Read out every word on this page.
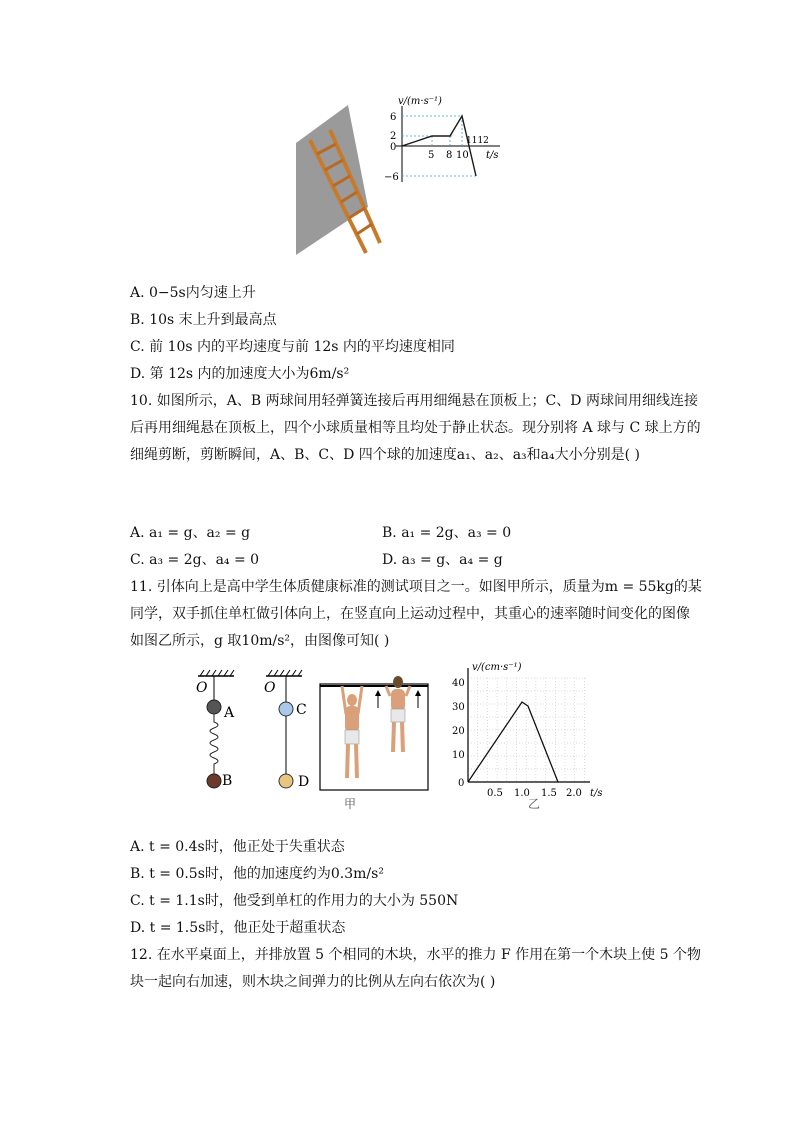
v/(m·s⁻¹)
6
2
0
−6
5 8 10
1112
t/s
A. 0−5s内匀速上升
B. 10s 末上升到最高点
C. 前 10s 内的平均速度与前 12s 内的平均速度相同
D. 第 12s 内的加速度大小为6m/s²
10. 如图所示，A、B 两球间用轻弹簧连接后再用细绳悬在顶板上；C、D 两球间用细线连接
后再用细绳悬在顶板上，四个小球质量相等且均处于静止状态。现分别将 A 球与 C 球上方的
细绳剪断，剪断瞬间，A、B、C、D 四个球的加速度a₁、a₂、a₃和a₄大小分别是( )
A. a₁ = g、a₂ = g	B. a₁ = 2g、a₃ = 0
C. a₃ = 2g、a₄ = 0	D. a₃ = g、a₄ = g
11. 引体向上是高中学生体质健康标准的测试项目之一。如图甲所示，质量为m = 55kg的某
同学，双手抓住单杠做引体向上，在竖直向上运动过程中，其重心的速率随时间变化的图像
如图乙所示，g 取10m/s²，由图像可知( )
O
A
B
O
C
D
甲
v/(cm·s⁻¹)
40
30
20
10
0
0.5 1.0 1.5 2.0 t/s
乙
A. t = 0.4s时，他正处于失重状态
B. t = 0.5s时，他的加速度约为0.3m/s²
C. t = 1.1s时，他受到单杠的作用力的大小为 550N
D. t = 1.5s时，他正处于超重状态
12. 在水平桌面上，并排放置 5 个相同的木块，水平的推力 F 作用在第一个木块上使 5 个物
块一起向右加速，则木块之间弹力的比例从左向右依次为( )
